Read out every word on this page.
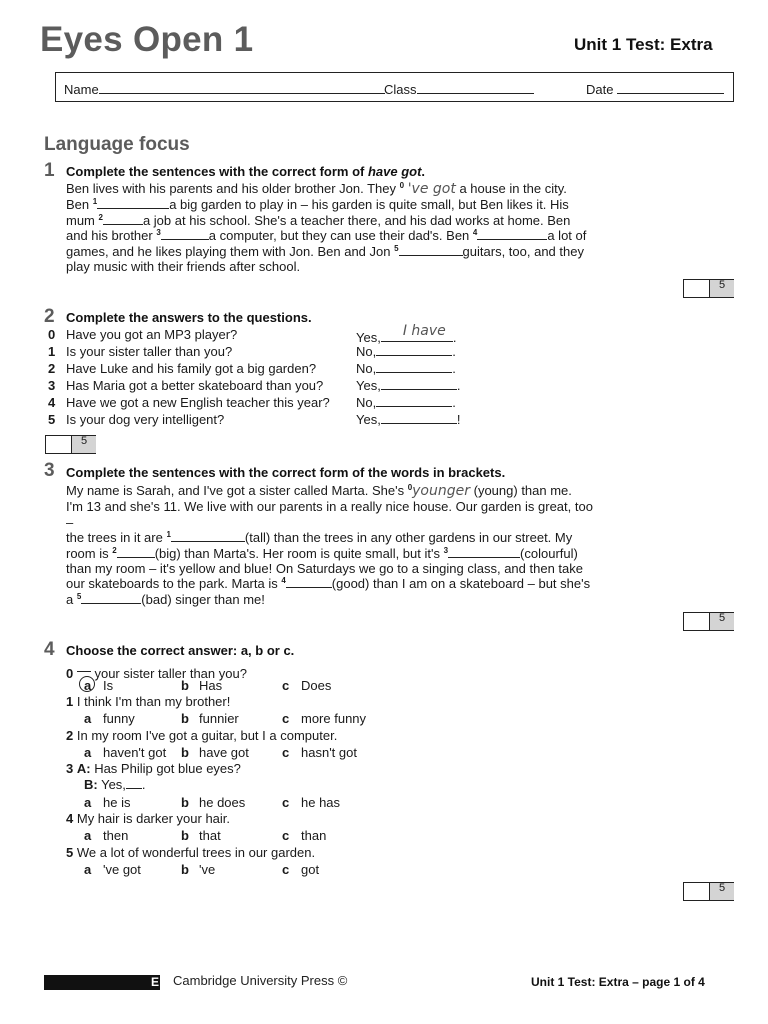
Eyes Open 1	Unit 1 Test: Extra
Name	Class	Date
Language focus
1 Complete the sentences with the correct form of have got.

Ben lives with his parents and his older brother Jon. They $^0$ 've got a house in the city.

Ben $^1$	a big garden to play in – his garden is quite small, but Ben likes it. His

mum $^2$	a job at his school. She's a teacher there, and his dad works at home. Ben

and his brother $^3$	a computer, but they can use their dad's. Ben $^4$	a lot of

games, and he likes playing them with Jon. Ben and Jon $^5$	guitars, too, and they

play music with their friends after school.

5
2 Complete the answers to the questions.
0 Have you got an MP3 player?	Yes, I have .
1 Is your sister taller than you?	No,	.
2 Have Luke and his family got a big garden?	No,	.
3 Has Maria got a better skateboard than you?	Yes,	.
4 Have we got a new English teacher this year? No,	.
5 Is your dog very intelligent?	Yes,	!
5
3 Complete the sentences with the correct form of the words in brackets.

My name is Sarah, and I've got a sister called Marta. She's $^0$younger (young) than me.

I'm 13 and she's 11. We live with our parents in a really nice house. Our garden is great, too

–

the trees in it are $^1$	(tall) than the trees in any other gardens in our street. My

room is $^2$	(big) than Marta's. Her room is quite small, but it's $^3$	(colourful)

than my room – it's yellow and blue! On Saturdays we go to a singing class, and then take

our skateboards to the park. Marta is $^4$	(good) than I am on a skateboard – but she's

a $^5$	(bad) singer than me!

5
4 Choose the correct answer: a, b or c.
0  your sister taller than you?
a Is	b Has	c Does
1 I think I'm than my brother!
a funny	b funnier	c more funny
2 In my room I've got a guitar, but I a computer.
a haven't got b have got	c hasn't got
3 A: Has Philip got blue eyes?
B: Yes, .
a he is	b he does	c he has
4 My hair is darker your hair.
a then	b that	c than
5 We a lot of wonderful trees in our garden.
a 've got	b 've	c got
5
E Cambridge University Press ©	Unit 1 Test: Extra – page 1 of 4
